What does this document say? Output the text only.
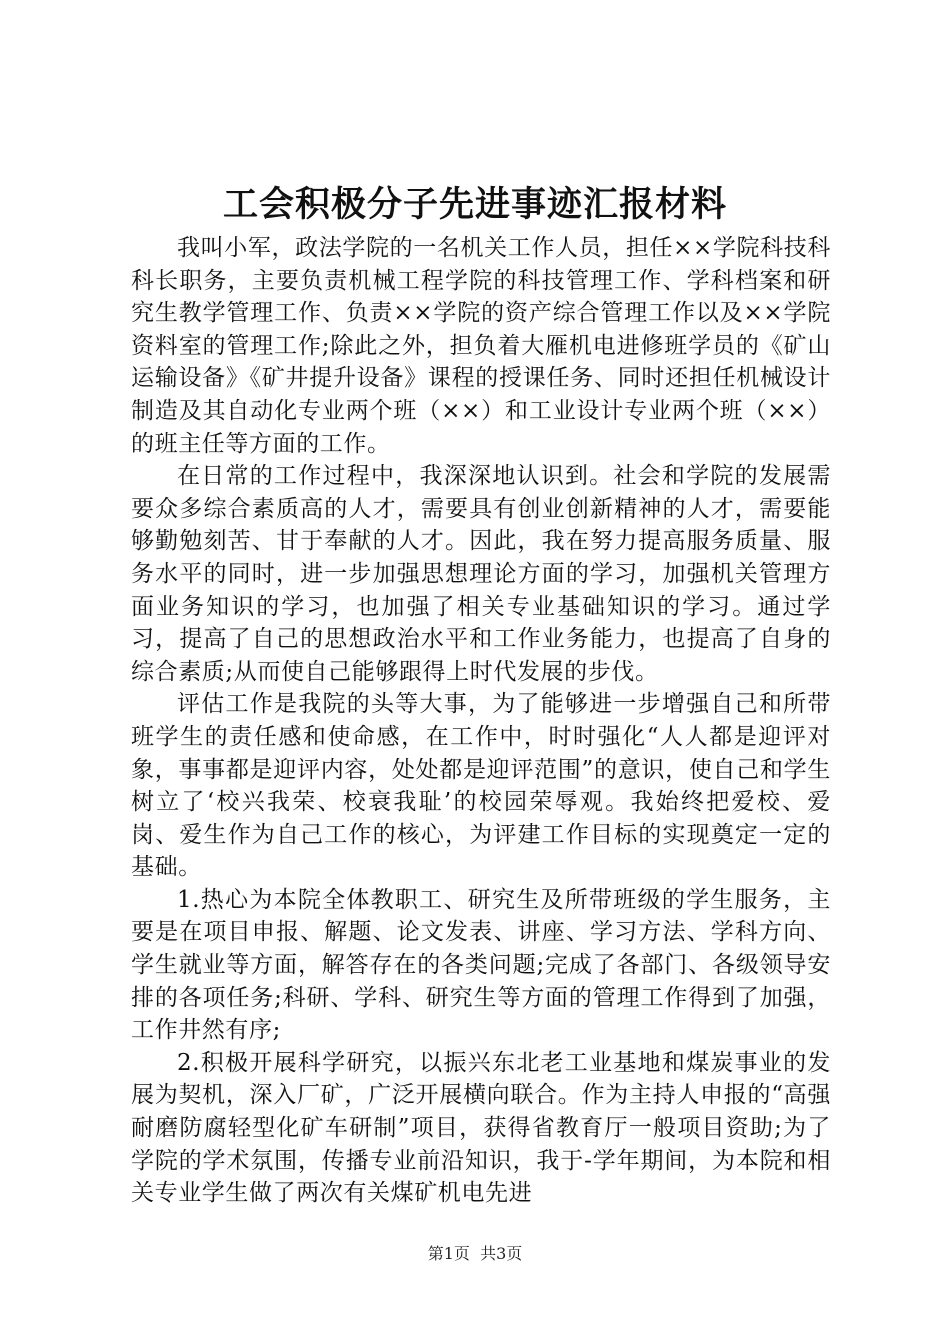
工会积极分子先进事迹汇报材料

我叫小军，政法学院的一名机关工作人员，担任××学院科技科科长职务，主要负责机械工程学院的科技管理工作、学科档案和研究生教学管理工作、负责××学院的资产综合管理工作以及××学院资料室的管理工作;除此之外，担负着大雁机电进修班学员的《矿山运输设备》《矿井提升设备》课程的授课任务、同时还担任机械设计制造及其自动化专业两个班（××）和工业设计专业两个班（××）的班主任等方面的工作。

在日常的工作过程中，我深深地认识到。社会和学院的发展需要众多综合素质高的人才，需要具有创业创新精神的人才，需要能够勤勉刻苦、甘于奉献的人才。因此，我在努力提高服务质量、服务水平的同时，进一步加强思想理论方面的学习，加强机关管理方面业务知识的学习，也加强了相关专业基础知识的学习。通过学习，提高了自己的思想政治水平和工作业务能力，也提高了自身的综合素质;从而使自己能够跟得上时代发展的步伐。

评估工作是我院的头等大事，为了能够进一步增强自己和所带班学生的责任感和使命感，在工作中，时时强化“人人都是迎评对象，事事都是迎评内容，处处都是迎评范围”的意识，使自己和学生树立了‘校兴我荣、校衰我耻’的校园荣辱观。我始终把爱校、爱岗、爱生作为自己工作的核心，为评建工作目标的实现奠定一定的基础。

1.热心为本院全体教职工、研究生及所带班级的学生服务，主要是在项目申报、解题、论文发表、讲座、学习方法、学科方向、学生就业等方面，解答存在的各类问题;完成了各部门、各级领导安排的各项任务;科研、学科、研究生等方面的管理工作得到了加强，工作井然有序;

2.积极开展科学研究，以振兴东北老工业基地和煤炭事业的发展为契机，深入厂矿，广泛开展横向联合。作为主持人申报的“高强耐磨防腐轻型化矿车研制”项目，获得省教育厅一般项目资助;为了学院的学术氛围，传播专业前沿知识，我于-学年期间，为本院和相关专业学生做了两次有关煤矿机电先进

第1页 共3页
